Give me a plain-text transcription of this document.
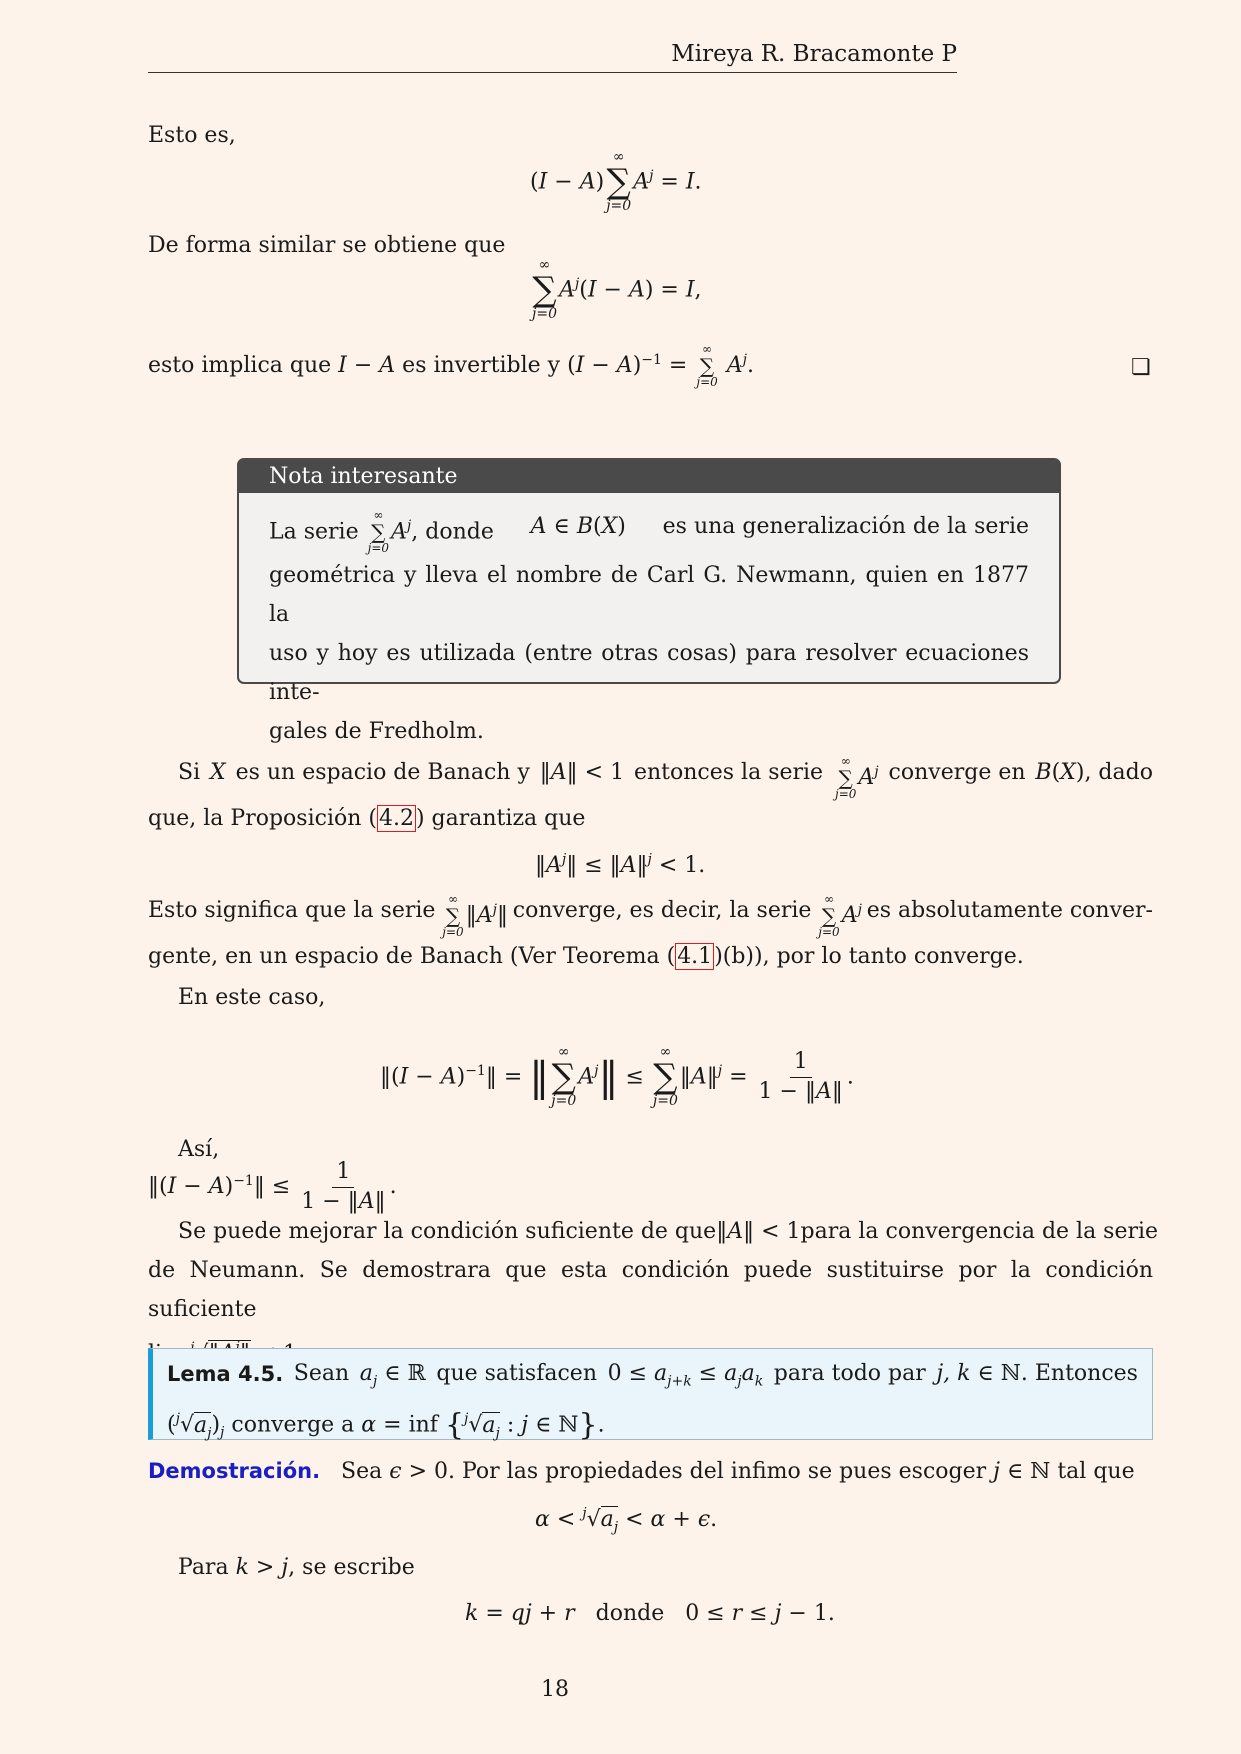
Mireya R. Bracamonte P
Esto es,
(I − A)
∞
∑
j=0
$A^j = I$.
De forma similar se obtiene que
∞
∑
j=0
$A^j(I - A) = I$,
esto implica que I − A es invertible y $(I - A)^{-1}$ =
∞
∑
j=0
$A^j$.	❏
Nota interesante
La serie
∞
∑
j=0
$A^j$, donde A ∈ B(X) es una generalización de la serie
geométrica y lleva el nombre de Carl G. Newmann, quien en 1877 la
uso y hoy es utilizada (entre otras cosas) para resolver ecuaciones inte-
gales de Fredholm.
Si X es un espacio de Banach y ‖A‖ < 1 entonces la serie ∞
∑
j=0
$A^j$ converge en B(X), dado
que, la Proposición (4.2) garantiza que
$‖A^j‖$ ≤ ‖A‖$^j$ < 1.
Esto significa que la serie ∞
∑
j=0
$‖A^j‖$ converge, es decir, la serie ∞
∑
j=0
$A^j$ es absolutamente conver-
gente, en un espacio de Banach (Ver Teorema (4.1)(b)), por lo tanto converge.
En este caso,
‖(I − A)$^{-1}$‖ = ‖
∞
∑
j=0
$A^j‖$ ≤
∞
∑
j=0
‖A‖$^j$ = $\frac{1}{1 - ‖A‖}$ .
Así,
‖(I − A)$^{-1}$‖ ≤ $\frac{1}{1 - ‖A‖}$ .
Se puede mejorar la condición suficiente de que ‖A‖ < 1 para la convergencia de la serie
de Neumann. Se demostrara que esta condición puede sustituirse por la condición suficiente
Lema 4.5. Sean $a_j$ ∈ ℝ que satisfacen $0 \le a_{j+k} \le a_ja_k$ para todo par j, k ∈ ℕ. Entonces
$(^j√a_j)_j$ converge a α = inf {$^j√a_j$ : j ∈ ℕ}.
Demostración. Sea ϵ > 0. Por las propiedades del infimo se pues escoger j ∈ ℕ tal que
$\alpha < ^j√a_j < \alpha + \epsilon$.
Para k > j, se escribe
k = qj + r donde   0 ≤ r ≤ j − 1.
18
